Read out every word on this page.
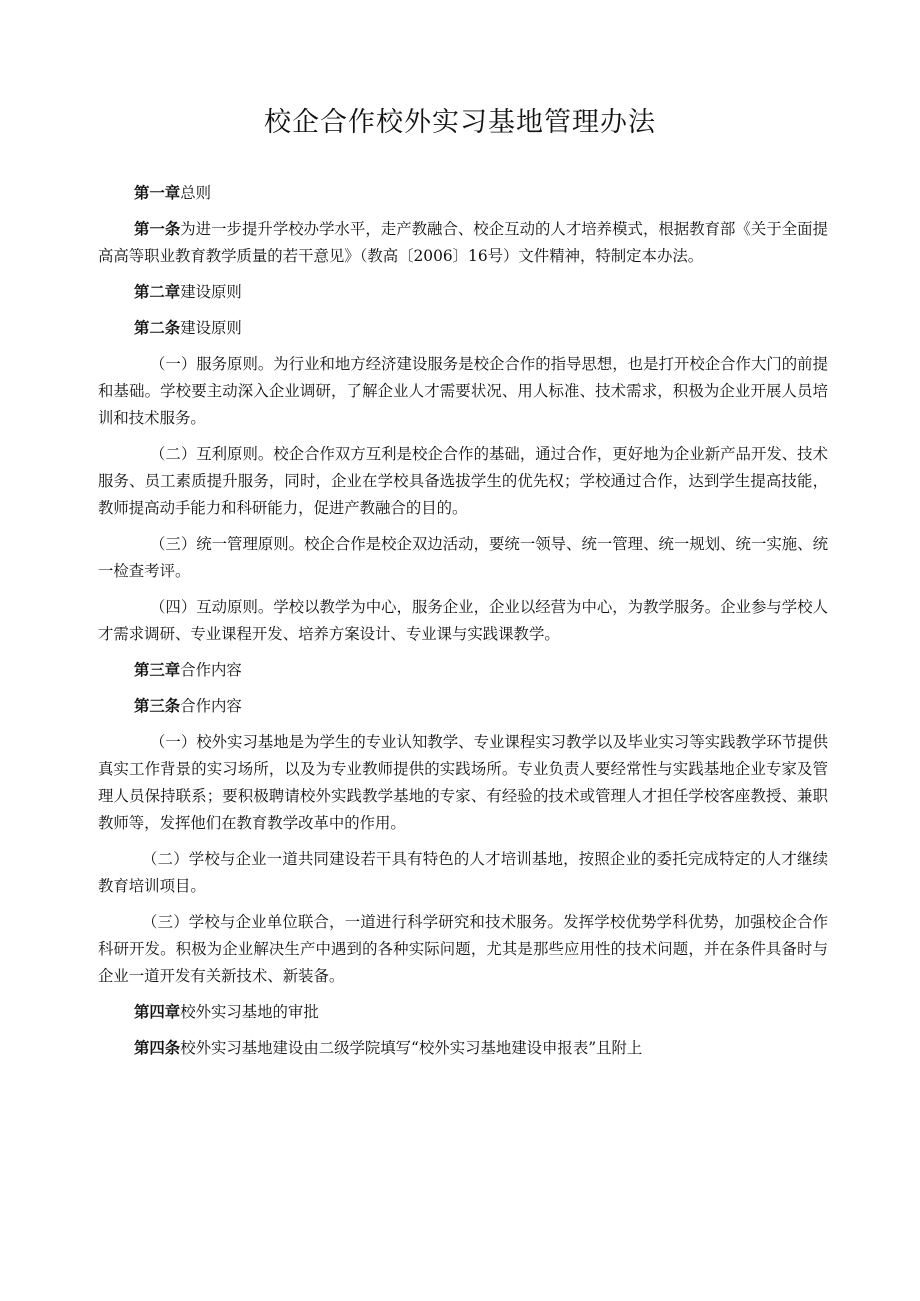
校企合作校外实习基地管理办法

第一章总则

第一条为进一步提升学校办学水平，走产教融合、校企互动的人才培养模式，根据教育部《关于全面提高高等职业教育教学质量的若干意见》（教高〔2006〕16号）文件精神，特制定本办法。

第二章建设原则

第二条建设原则

（一）服务原则。为行业和地方经济建设服务是校企合作的指导思想，也是打开校企合作大门的前提和基础。学校要主动深入企业调研，了解企业人才需要状况、用人标准、技术需求，积极为企业开展人员培训和技术服务。

（二）互利原则。校企合作双方互利是校企合作的基础，通过合作，更好地为企业新产品开发、技术服务、员工素质提升服务，同时，企业在学校具备选拔学生的优先权；学校通过合作，达到学生提高技能，教师提高动手能力和科研能力，促进产教融合的目的。

（三）统一管理原则。校企合作是校企双边活动，要统一领导、统一管理、统一规划、统一实施、统一检查考评。

（四）互动原则。学校以教学为中心，服务企业，企业以经营为中心，为教学服务。企业参与学校人才需求调研、专业课程开发、培养方案设计、专业课与实践课教学。

第三章合作内容

第三条合作内容

（一）校外实习基地是为学生的专业认知教学、专业课程实习教学以及毕业实习等实践教学环节提供真实工作背景的实习场所，以及为专业教师提供的实践场所。专业负责人要经常性与实践基地企业专家及管理人员保持联系；要积极聘请校外实践教学基地的专家、有经验的技术或管理人才担任学校客座教授、兼职教师等，发挥他们在教育教学改革中的作用。

（二）学校与企业一道共同建设若干具有特色的人才培训基地，按照企业的委托完成特定的人才继续教育培训项目。

（三）学校与企业单位联合，一道进行科学研究和技术服务。发挥学校优势学科优势，加强校企合作科研开发。积极为企业解决生产中遇到的各种实际问题，尤其是那些应用性的技术问题，并在条件具备时与企业一道开发有关新技术、新装备。

第四章校外实习基地的审批

第四条校外实习基地建设由二级学院填写“校外实习基地建设申报表”且附上
